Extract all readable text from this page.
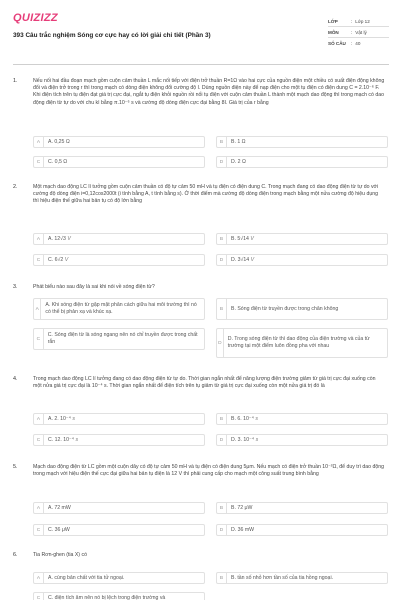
QUIZIZZ
393 Câu trắc nghiệm Sóng cơ cực hay có lời giải chi tiết (Phần 3)
LỚP	: Lớp 12
MÔN	: Vật lý
SỐ CÂU	: 40
1.	Nếu nối hai đầu đoạn mạch gồm cuộn cảm thuần L mắc nối tiếp với điện trở thuần R=1Ω vào hai cực của nguồn điện một chiều có suất điện động không đổi và điện trở trong r thì trong mạch có dòng điện không đổi cường độ I. Dùng nguồn điện này để nạp điện cho một tụ điện có điện dung C = 2.10⁻⁶ F. Khi điện tích trên tụ điện đạt giá trị cực đại, ngắt tụ điện khỏi nguồn rồi nối tụ điện với cuộn cảm thuần L thành một mạch dao động thì trong mạch có dao động điện từ tự do với chu kì bằng π.10⁻⁶ s và cường độ dòng điện cực đại bằng 8I. Giá trị của r bằng
A	A. 0,25 Ω	B	B. 1 Ω
C	C. 0,5 Ω	D	D. 2 Ω
2.	Một mạch dao động LC lí tưởng gồm cuộn cảm thuần có độ tự cảm 50 mH và tụ điện có điện dung C. Trong mạch đang có dao động điện từ tự do với cường độ dòng điện i=0,12cos2000t (i tính bằng A, t tính bằng s). Ở thời điểm mà cường độ dòng điện trong mạch bằng một nửa cường độ hiệu dụng thì hiệu điện thế giữa hai bản tụ có độ lớn bằng
A	A. 12√3 V	B	B. 5√14 V
C	C. 6√2 V	D	D. 3√14 V
3.	Phát biểu nào sau đây là sai khi nói về sóng điện từ?
A
A. Khi sóng điện từ gặp mặt phân cách giữa hai môi trường thì nó có thể bị phản xạ và khúc xạ.	B	B. Sóng điện từ truyền được trong chân không
C
C. Sóng điện từ là sóng ngang nên nó chỉ truyền được trong chất rắn	D
D. Trong sóng điện từ thì dao động của điện trường và của từ trường tại một điểm luôn đồng pha với nhau
4.	Trong mạch dao động LC lí tưởng đang có dao động điện từ tự do. Thời gian ngắn nhất để năng lượng điện trường giảm từ giá trị cực đại xuống còn một nửa giá trị cực đại là 10⁻⁴ s. Thời gian ngắn nhất để điện tích trên tụ giảm từ giá trị cực đại xuống còn một nửa giá trị đó là
A	A. 2. 10⁻⁴ s	B	B. 6. 10⁻⁴ s
C	C. 12. 10⁻⁴ s	D	D. 3. 10⁻⁴ s
5.	Mạch dao động điện từ LC gồm một cuộn dây có độ tự cảm 50 mH và tụ điện có điện dung 5μm. Nếu mạch có điện trở thuần 10⁻²Ω, để duy trì dao động trong mạch với hiệu điện thế cực đại giữa hai bản tụ điện là 12 V thì phải cung cấp cho mạch một công suất trung bình bằng
A	A. 72 mW	B	B. 72 μW
C	C. 36 μW	D	D. 36 mW
6.	Tia Rơn-ghen (tia X) có
A	A. cùng bản chất với tia tử ngoại.	B	B. tần số nhỏ hơn tần số của tia hồng ngoại.
C	C. điện tích âm nên nó bị lệch trong điện trường và
